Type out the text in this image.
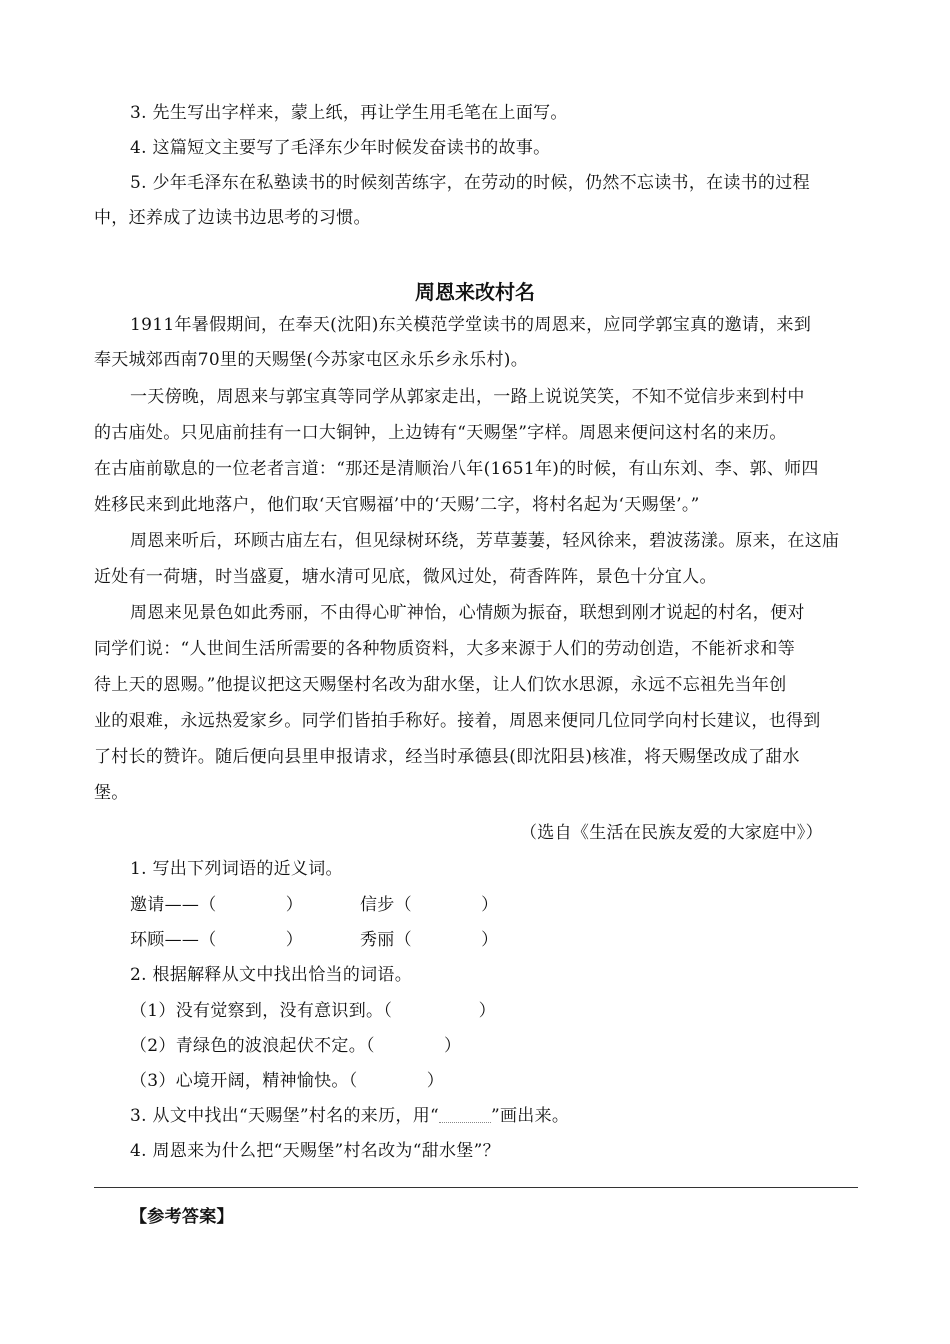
3. 先生写出字样来，蒙上纸，再让学生用毛笔在上面写。
4. 这篇短文主要写了毛泽东少年时候发奋读书的故事。
5. 少年毛泽东在私塾读书的时候刻苦练字，在劳动的时候，仍然不忘读书，在读书的过程
中，还养成了边读书边思考的习惯。
周恩来改村名
1911年暑假期间，在奉天(沈阳)东关模范学堂读书的周恩来，应同学郭宝真的邀请，来到
奉天城郊西南70里的天赐堡(今苏家屯区永乐乡永乐村)。
一天傍晚，周恩来与郭宝真等同学从郭家走出，一路上说说笑笑，不知不觉信步来到村中
的古庙处。只见庙前挂有一口大铜钟，上边铸有“天赐堡”字样。周恩来便问这村名的来历。
在古庙前歇息的一位老者言道：“那还是清顺治八年(1651年)的时候，有山东刘、李、郭、师四
姓移民来到此地落户，他们取‘天官赐福’中的‘天赐’二字，将村名起为‘天赐堡’。”
周恩来听后，环顾古庙左右，但见绿树环绕，芳草萋萋，轻风徐来，碧波荡漾。原来，在这庙
近处有一荷塘，时当盛夏，塘水清可见底，微风过处，荷香阵阵，景色十分宜人。
周恩来见景色如此秀丽，不由得心旷神怡，心情颇为振奋，联想到刚才说起的村名，便对
同学们说：“人世间生活所需要的各种物质资料，大多来源于人们的劳动创造，不能祈求和等
待上天的恩赐。”他提议把这天赐堡村名改为甜水堡，让人们饮水思源，永远不忘祖先当年创
业的艰难，永远热爱家乡。同学们皆拍手称好。接着，周恩来便同几位同学向村长建议，也得到
了村长的赞许。随后便向县里申报请求，经当时承德县(即沈阳县)核准，将天赐堡改成了甜水
堡。
（选自《生活在民族友爱的大家庭中》）
1. 写出下列词语的近义词。
邀请——（　　　　）	信步（　　　　）
环顾——（　　　　）	秀丽（　　　　）
2. 根据解释从文中找出恰当的词语。
（1）没有觉察到，没有意识到。（　　　　　）
（2）青绿色的波浪起伏不定。（　　　　）
（3）心境开阔，精神愉快。（　　　　）
3. 从文中找出“天赐堡”村名的来历，用“	”画出来。
4. 周恩来为什么把“天赐堡”村名改为“甜水堡”？
【参考答案】
